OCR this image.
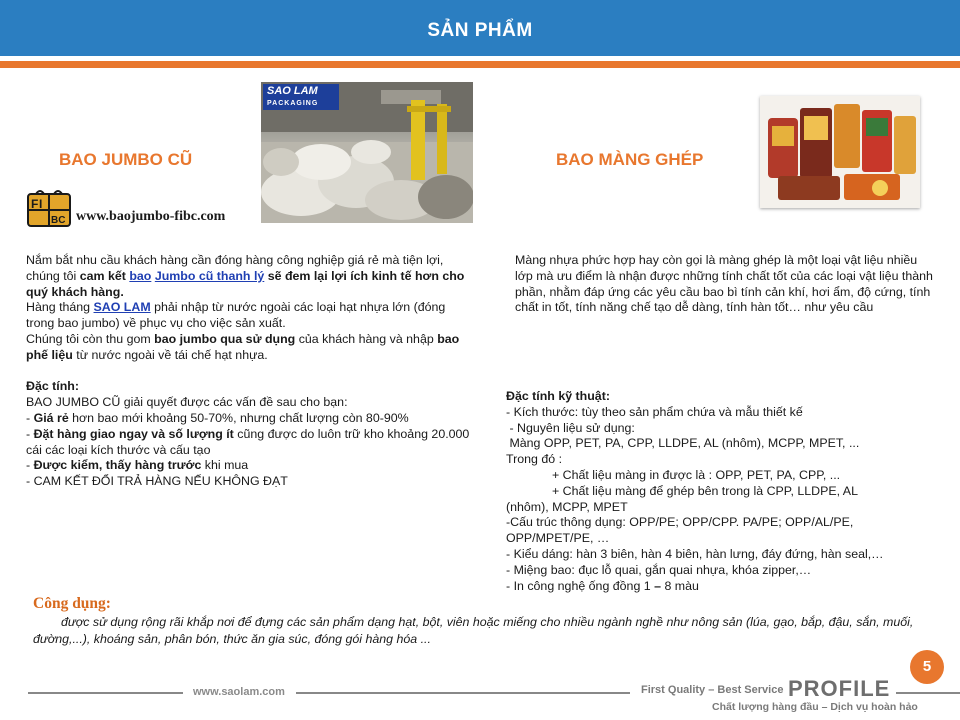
SẢN PHẨM
SAO LAM
PACKAGING
BAO JUMBO CŨ	BAO MÀNG GHÉP
F I
BC www.baojumbo-fibc.com
Nắm bắt nhu cầu khách hàng cần đóng hàng công nghiệp giá rẻ mà tiện lợi, chúng tôi cam kết bao Jumbo cũ thanh lý sẽ đem lại lợi ích kinh tế hơn cho quý khách hàng.
Hàng tháng SAO LAM phải nhập từ nước ngoài các loại hạt nhựa lớn (đóng trong bao jumbo) về phục vụ cho việc sản xuất.
Chúng tôi còn thu gom bao jumbo qua sử dụng của khách hàng và nhập bao phế liệu từ nước ngoài về tái chế hạt nhựa.
Đặc tính:
BAO JUMBO CŨ giải quyết được các vấn đề sau cho bạn:
- Giá rẻ hơn bao mới khoảng 50-70%, nhưng chất lượng còn 80-90%
- Đặt hàng giao ngay và số lượng ít cũng được do luôn trữ kho khoảng 20.000 cái các loại kích thước và cấu tạo
- Được kiểm, thấy hàng trước khi mua
- CAM KẾT ĐỔI TRẢ HÀNG NẾU KHÔNG ĐẠT
Màng nhựa phức hợp hay còn gọi là màng ghép là một loại vật liệu nhiều lớp mà ưu điểm là nhận được những tính chất tốt của các loại vật liệu thành phần, nhằm đáp ứng các yêu cầu bao bì tính cản khí, hơi ẩm, độ cứng, tính chất in tốt, tính năng chế tạo dễ dàng, tính hàn tốt… như yêu cầu
Đặc tính kỹ thuật:
- Kích thước: tùy theo sản phẩm chứa và mẫu thiết kế
- Nguyên liệu sử dụng:
Màng OPP, PET, PA, CPP, LLDPE, AL (nhôm), MCPP, MPET, ...
Trong đó :
+ Chất liệu màng in được là : OPP, PET, PA, CPP, ...
+ Chất liệu màng để ghép bên trong là CPP, LLDPE, AL
(nhôm), MCPP, MPET
-Cấu trúc thông dụng: OPP/PE; OPP/CPP. PA/PE; OPP/AL/PE, OPP/MPET/PE, …
- Kiểu dáng: hàn 3 biên, hàn 4 biên, hàn lưng, đáy đứng, hàn seal,…
- Miệng bao: đục lỗ quai, gắn quai nhựa, khóa zipper,…
- In công nghệ ống đồng 1 – 8 màu
Công dụng:
được sử dụng rộng rãi khắp nơi để đựng các sản phẩm dạng hạt, bột, viên hoặc miếng cho nhiều ngành nghề như nông sản (lúa, gạo, bắp, đậu, sắn, muối, đường,...), khoáng sản, phân bón, thức ăn gia súc, đóng gói hàng hóa ...
5
www.saolam.com	First Quality – Best Service PROFILE
Chất lượng hàng đầu – Dịch vụ hoàn hảo
